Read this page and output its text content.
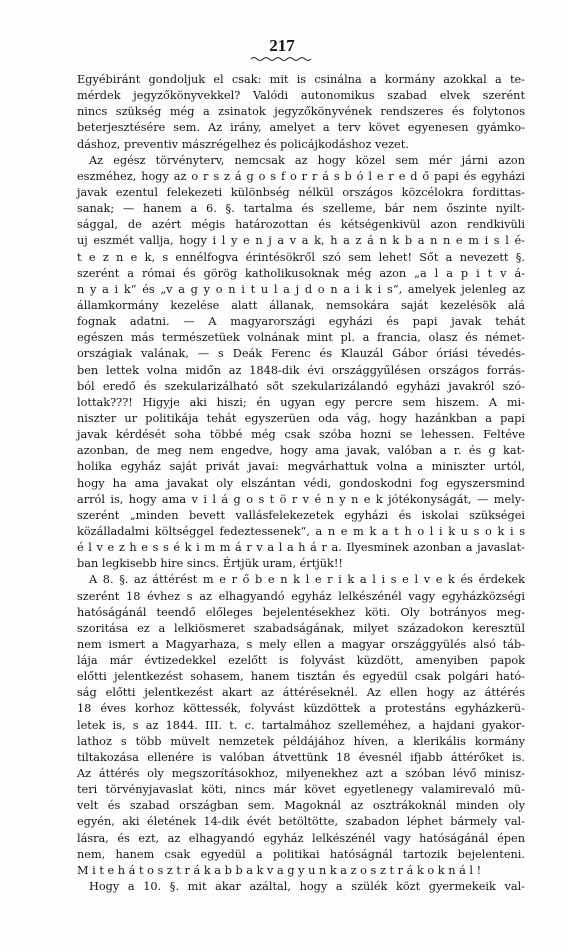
217
Egyébiránt gondoljuk el csak: mit is csinálna a kormány azokkal a te-
mérdek jegyzőkönyvekkel? Valódi autonomikus szabad elvek szerént
nincs szükség még a zsinatok jegyzőkönyvének rendszeres és folytonos
beterjesztésére sem. Az irány, amelyet a terv követ egyenesen gyámko-
dáshoz, preventiv mászrégelhez és policájkodáshoz vezet.
Az egész törvényterv, nemcsak az hogy közel sem mér járni azon
eszméhez, hogy az o r s z á g o s f o r r á s b ó l e r e d ő papi és egyházi
javak ezentul felekezeti különbség nélkül országos közcélokra fordittas-
sanak; — hanem a 6. §. tartalma és szelleme, bár nem őszinte nyilt-
sággal, de azért mégis határozottan és kétségenkivül azon rendkivüli
uj eszmét vallja, hogy i l y e n j a v a k, h a z á n k b a n n e m i s l é-
t e z n e k, s ennélfogva érintésökről szó sem lehet! Sőt a nevezett §.
szerént a római és görög katholikusoknak még azon „a l a p i t v á-
n y a i k“ és „v a g y o n i t u l a j d o n a i k i s“, amelyek jelenleg az
államkormány kezelése alatt állanak, nemsokára saját kezelésök alá
fognak adatni. — A magyarországi egyházi és papi javak tehát
egészen más természetüek volnának mint pl. a francia, olasz és német-
országiak valának, — s Deák Ferenc és Klauzál Gábor óriási tévedés-
ben lettek volna midőn az 1848-dik évi országgyűlésen országos forrás-
ból eredő és szekularizálható sőt szekularizálandó egyházi javakról szó-
lottak???! Higyje aki hiszi; én ugyan egy percre sem hiszem. A mi-
niszter ur politikája tehát egyszerüen oda vág, hogy hazánkban a papi
javak kérdését soha többé még csak szóba hozni se lehessen. Feltéve
azonban, de meg nem engedve, hogy ama javak, valóban a r. és g kat-
holika egyház saját privát javai: megvárhattuk volna a miniszter urtól,
hogy ha ama javakat oly elszántan védi, gondoskodni fog egyszersmind
arról is, hogy ama v i l á g o s t ö r v é n y n e k jótékonyságát, — mely-
szerént „minden bevett vallásfelekezetek egyházi és iskolai szükségei
közálladalmi költséggel fedeztessenek“, a n e m k a t h o l i k u s o k i s
é l v e z h e s s é k i m m á r v a l a h á r a. Ilyesminek azonban a javaslat-
ban legkisebb hire sincs. Értjük uram, értjük!!
A 8. §. az áttérést m e r ő b e n k l e r i k a l i s e l v e k és érdekek
szerént 18 évhez s az elhagyandó egyház lelkészénél vagy egyházközségi
hatóságánál teendő előleges bejelentésekhez köti. Oly botrányos meg-
szoritása ez a lelkiösmeret szabadságának, milyet századokon keresztül
nem ismert a Magyarhaza, s mely ellen a magyar országgyülés alsó táb-
lája már évtizedekkel ezelőtt is folyvást küzdött, amenyiben papok
előtti jelentkezést sohasem, hanem tisztán és egyedül csak polgári ható-
ság előtti jelentkezést akart az áttéréseknél. Az ellen hogy az áttérés
18 éves korhoz köttessék, folyvást küzdöttek a protestáns egyházkerü-
letek is, s az 1844. III. t. c. tartalmához szelleméhez, a hajdani gyakor-
lathoz s több müvelt nemzetek példájához híven, a klerikális kormány
tiltakozása ellenére is valóban átvettünk 18 évesnél ifjabb áttérőket is.
Az áttérés oly megszorításokhoz, milyenekhez azt a szóban lévő minisz-
teri törvényjavaslat köti, nincs már követ egyetlenegy valamirevaló mü-
velt és szabad országban sem. Magoknál az osztrákoknál minden oly
egyén, aki életének 14-dik évét betöltötte, szabadon léphet bármely val-
lásra, és ezt, az elhagyandó egyház lelkészénél vagy hatóságánál épen
nem, hanem csak egyedül a politikai hatóságnál tartozik bejelenteni.
M i t e h á t o s z t r á k a b b a k v a g y u n k a z o s z t r á k o k n á l !
Hogy a 10. §. mit akar azáltal, hogy a szülék közt gyermekeik val-
